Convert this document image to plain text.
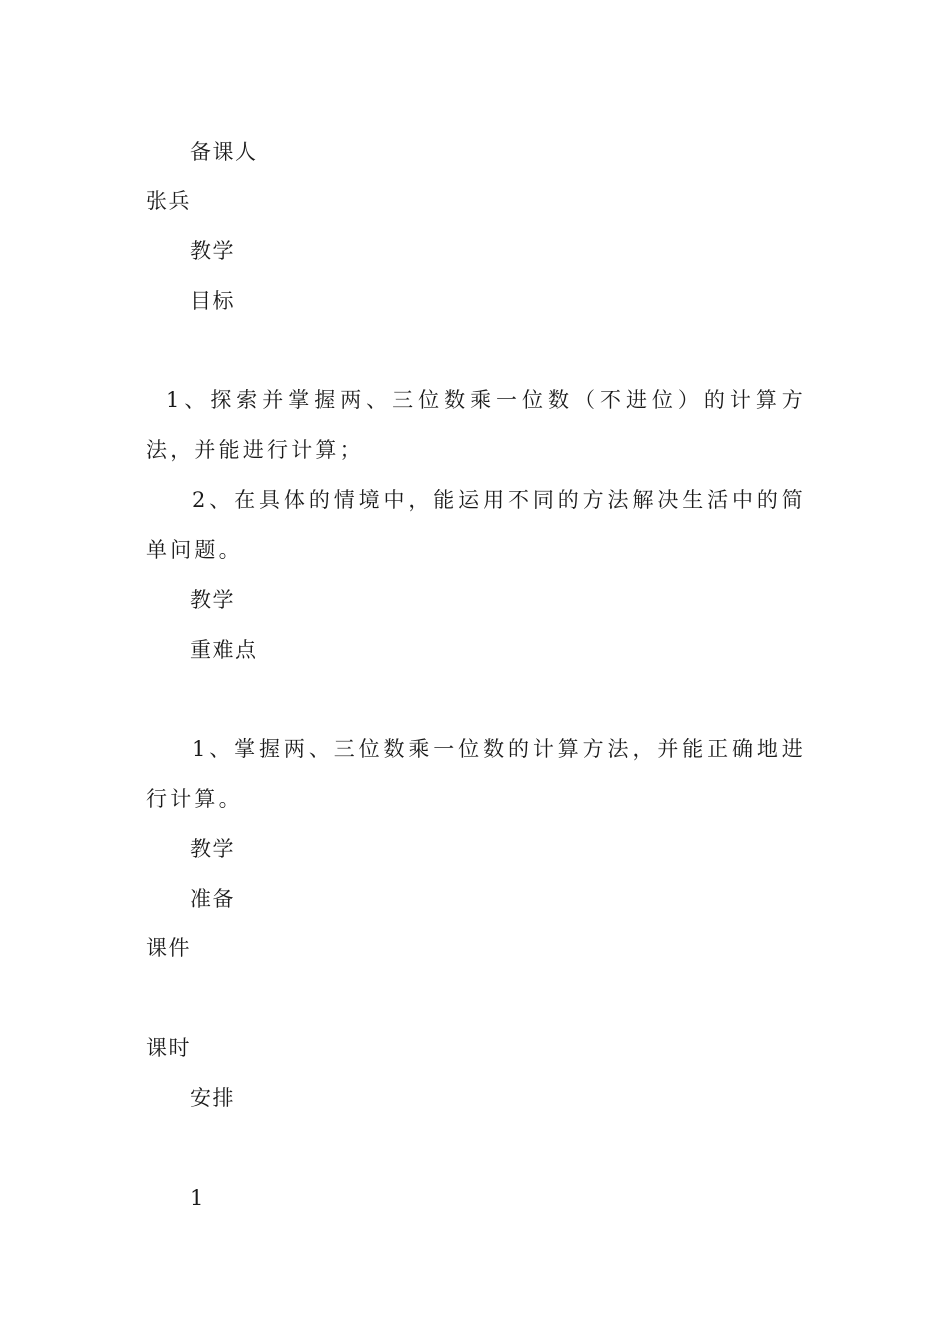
备课人
张兵
教学
目标

1、探索并掌握两、三位数乘一位数（不进位）的计算方法，并能进行计算；

2、在具体的情境中，能运用不同的方法解决生活中的简单问题。

教学
重难点

1、掌握两、三位数乘一位数的计算方法，并能正确地进行计算。

教学
准备
课件
课时
安排
1
